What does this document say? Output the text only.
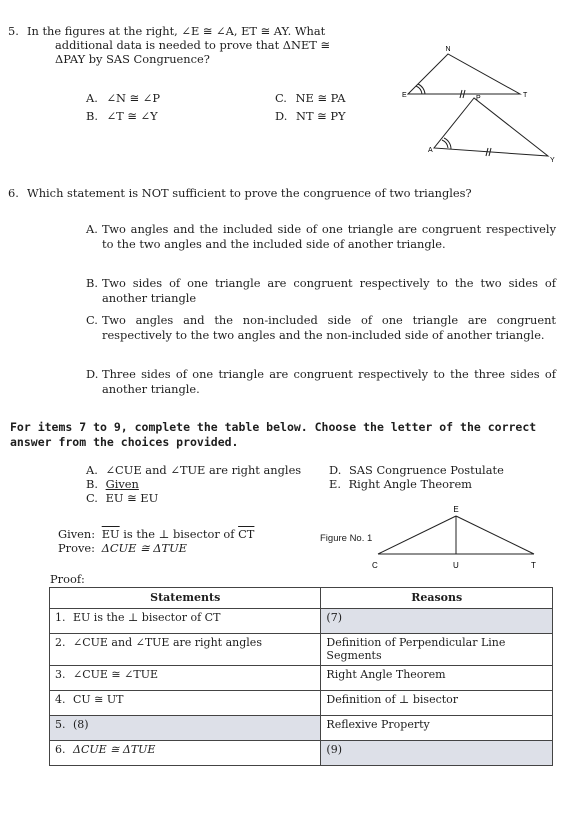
5. In the figures at the right, ∠E ≅ ∠A, ET ≅ AY. What
additional data is needed to prove that ΔNET ≅
ΔPAY by SAS Congruence?
A. ∠N ≅ ∠P
B. ∠T ≅ ∠Y
C. NE ≅ PA
D. NT ≅ PY
N
E	T
P
A
Y
6. Which statement is NOT sufficient to prove the congruence of two triangles?
A. Two angles and the included side of one triangle are congruent respectively to the two angles and the included side of another triangle.
B. Two sides of one triangle are congruent respectively to the two sides of another triangle
C. Two angles and the non-included side of one triangle are congruent respectively to the two angles and the non-included side of another triangle.
D. Three sides of one triangle are congruent respectively to the three sides of another triangle.
For items 7 to 9, complete the table below. Choose the letter of the correct
answer from the choices provided.
A. ∠CUE and ∠TUE are right angles
B. Given
C. EU ≅ EU
D. SAS Congruence Postulate
E. Right Angle Theorem
Given: $\overline{EU}$ is the ⊥ bisector of $\overline{CT}$
Prove: ΔCUE ≅ ΔTUE
Figure No. 1
E
C	U	T
Proof:
Statements	Reasons
1. EU is the ⊥ bisector of CT	(7)
2. ∠CUE and ∠TUE are right angles	Definition of Perpendicular Line Segments
3. ∠CUE ≅ ∠TUE	Right Angle Theorem
4. CU ≅ UT	Definition of ⊥ bisector
5. (8)	Reflexive Property
6. ΔCUE ≅ ΔTUE	(9)
